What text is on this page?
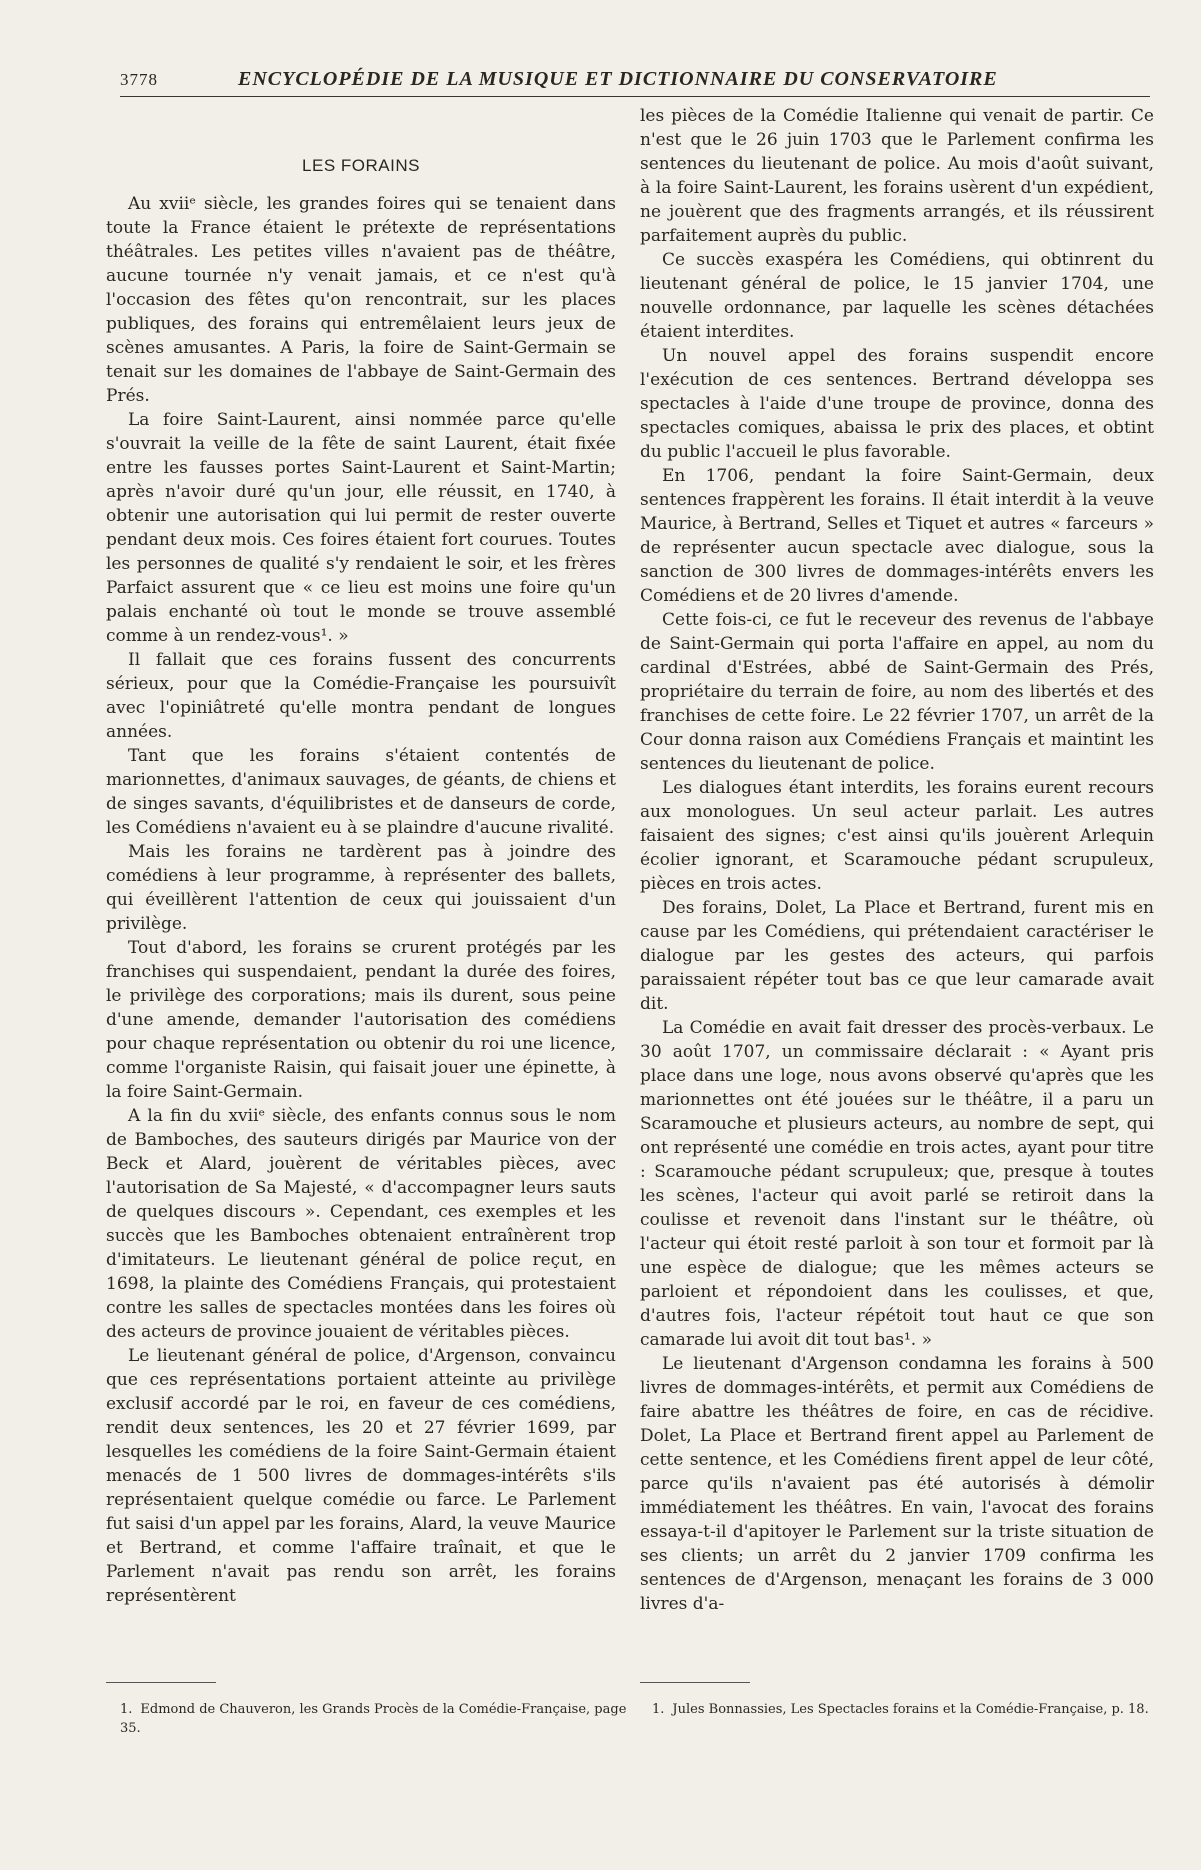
3778	ENCYCLOPÉDIE DE LA MUSIQUE ET DICTIONNAIRE DU CONSERVATOIRE
LES FORAINS

Au xviiᵉ siècle, les grandes foires qui se tenaient dans toute la France étaient le prétexte de représentations théâtrales. Les petites villes n'avaient pas de théâtre, aucune tournée n'y venait jamais, et ce n'est qu'à l'occasion des fêtes qu'on rencontrait, sur les places publiques, des forains qui entremêlaient leurs jeux de scènes amusantes. A Paris, la foire de Saint-Germain se tenait sur les domaines de l'abbaye de Saint-Germain des Prés.

La foire Saint-Laurent, ainsi nommée parce qu'elle s'ouvrait la veille de la fête de saint Laurent, était fixée entre les fausses portes Saint-Laurent et Saint-Martin; après n'avoir duré qu'un jour, elle réussit, en 1740, à obtenir une autorisation qui lui permit de rester ouverte pendant deux mois. Ces foires étaient fort courues. Toutes les personnes de qualité s'y rendaient le soir, et les frères Parfaict assurent que « ce lieu est moins une foire qu'un palais enchanté où tout le monde se trouve assemblé comme à un rendez-vous¹. »

Il fallait que ces forains fussent des concurrents sérieux, pour que la Comédie-Française les poursuivît avec l'opiniâtreté qu'elle montra pendant de longues années.

Tant que les forains s'étaient contentés de marionnettes, d'animaux sauvages, de géants, de chiens et de singes savants, d'équilibristes et de danseurs de corde, les Comédiens n'avaient eu à se plaindre d'aucune rivalité.

Mais les forains ne tardèrent pas à joindre des comédiens à leur programme, à représenter des ballets, qui éveillèrent l'attention de ceux qui jouissaient d'un privilège.

Tout d'abord, les forains se crurent protégés par les franchises qui suspendaient, pendant la durée des foires, le privilège des corporations; mais ils durent, sous peine d'une amende, demander l'autorisation des comédiens pour chaque représentation ou obtenir du roi une licence, comme l'organiste Raisin, qui faisait jouer une épinette, à la foire Saint-Germain.

A la fin du xviiᵉ siècle, des enfants connus sous le nom de Bamboches, des sauteurs dirigés par Maurice von der Beck et Alard, jouèrent de véritables pièces, avec l'autorisation de Sa Majesté, « d'accompagner leurs sauts de quelques discours ». Cependant, ces exemples et les succès que les Bamboches obtenaient entraînèrent trop d'imitateurs. Le lieutenant général de police reçut, en 1698, la plainte des Comédiens Français, qui protestaient contre les salles de spectacles montées dans les foires où des acteurs de province jouaient de véritables pièces.

Le lieutenant général de police, d'Argenson, convaincu que ces représentations portaient atteinte au privilège exclusif accordé par le roi, en faveur de ces comédiens, rendit deux sentences, les 20 et 27 février 1699, par lesquelles les comédiens de la foire Saint-Germain étaient menacés de 1 500 livres de dommages-intérêts s'ils représentaient quelque comédie ou farce. Le Parlement fut saisi d'un appel par les forains, Alard, la veuve Maurice et Bertrand, et comme l'affaire traînait, et que le Parlement n'avait pas rendu son arrêt, les forains représentèrent

les pièces de la Comédie Italienne qui venait de partir. Ce n'est que le 26 juin 1703 que le Parlement confirma les sentences du lieutenant de police. Au mois d'août suivant, à la foire Saint-Laurent, les forains usèrent d'un expédient, ne jouèrent que des fragments arrangés, et ils réussirent parfaitement auprès du public.

Ce succès exaspéra les Comédiens, qui obtinrent du lieutenant général de police, le 15 janvier 1704, une nouvelle ordonnance, par laquelle les scènes détachées étaient interdites.

Un nouvel appel des forains suspendit encore l'exécution de ces sentences. Bertrand développa ses spectacles à l'aide d'une troupe de province, donna des spectacles comiques, abaissa le prix des places, et obtint du public l'accueil le plus favorable.

En 1706, pendant la foire Saint-Germain, deux sentences frappèrent les forains. Il était interdit à la veuve Maurice, à Bertrand, Selles et Tiquet et autres « farceurs » de représenter aucun spectacle avec dialogue, sous la sanction de 300 livres de dommages-intérêts envers les Comédiens et de 20 livres d'amende.

Cette fois-ci, ce fut le receveur des revenus de l'abbaye de Saint-Germain qui porta l'affaire en appel, au nom du cardinal d'Estrées, abbé de Saint-Germain des Prés, propriétaire du terrain de foire, au nom des libertés et des franchises de cette foire. Le 22 février 1707, un arrêt de la Cour donna raison aux Comédiens Français et maintint les sentences du lieutenant de police.

Les dialogues étant interdits, les forains eurent recours aux monologues. Un seul acteur parlait. Les autres faisaient des signes; c'est ainsi qu'ils jouèrent Arlequin écolier ignorant, et Scaramouche pédant scrupuleux, pièces en trois actes.

Des forains, Dolet, La Place et Bertrand, furent mis en cause par les Comédiens, qui prétendaient caractériser le dialogue par les gestes des acteurs, qui parfois paraissaient répéter tout bas ce que leur camarade avait dit.

La Comédie en avait fait dresser des procès-verbaux. Le 30 août 1707, un commissaire déclarait : « Ayant pris place dans une loge, nous avons observé qu'après que les marionnettes ont été jouées sur le théâtre, il a paru un Scaramouche et plusieurs acteurs, au nombre de sept, qui ont représenté une comédie en trois actes, ayant pour titre : Scaramouche pédant scrupuleux; que, presque à toutes les scènes, l'acteur qui avoit parlé se retiroit dans la coulisse et revenoit dans l'instant sur le théâtre, où l'acteur qui étoit resté parloit à son tour et formoit par là une espèce de dialogue; que les mêmes acteurs se parloient et répondoient dans les coulisses, et que, d'autres fois, l'acteur répétoit tout haut ce que son camarade lui avoit dit tout bas¹. »

Le lieutenant d'Argenson condamna les forains à 500 livres de dommages-intérêts, et permit aux Comédiens de faire abattre les théâtres de foire, en cas de récidive. Dolet, La Place et Bertrand firent appel au Parlement de cette sentence, et les Comédiens firent appel de leur côté, parce qu'ils n'avaient pas été autorisés à démolir immédiatement les théâtres. En vain, l'avocat des forains essaya-t-il d'apitoyer le Parlement sur la triste situation de ses clients; un arrêt du 2 janvier 1709 confirma les sentences de d'Argenson, menaçant les forains de 3 000 livres d'a-

1. Edmond de Chauveron, les Grands Procès de la Comédie-Française, page 35.
1. Jules Bonnassies, Les Spectacles forains et la Comédie-Française, p. 18.
